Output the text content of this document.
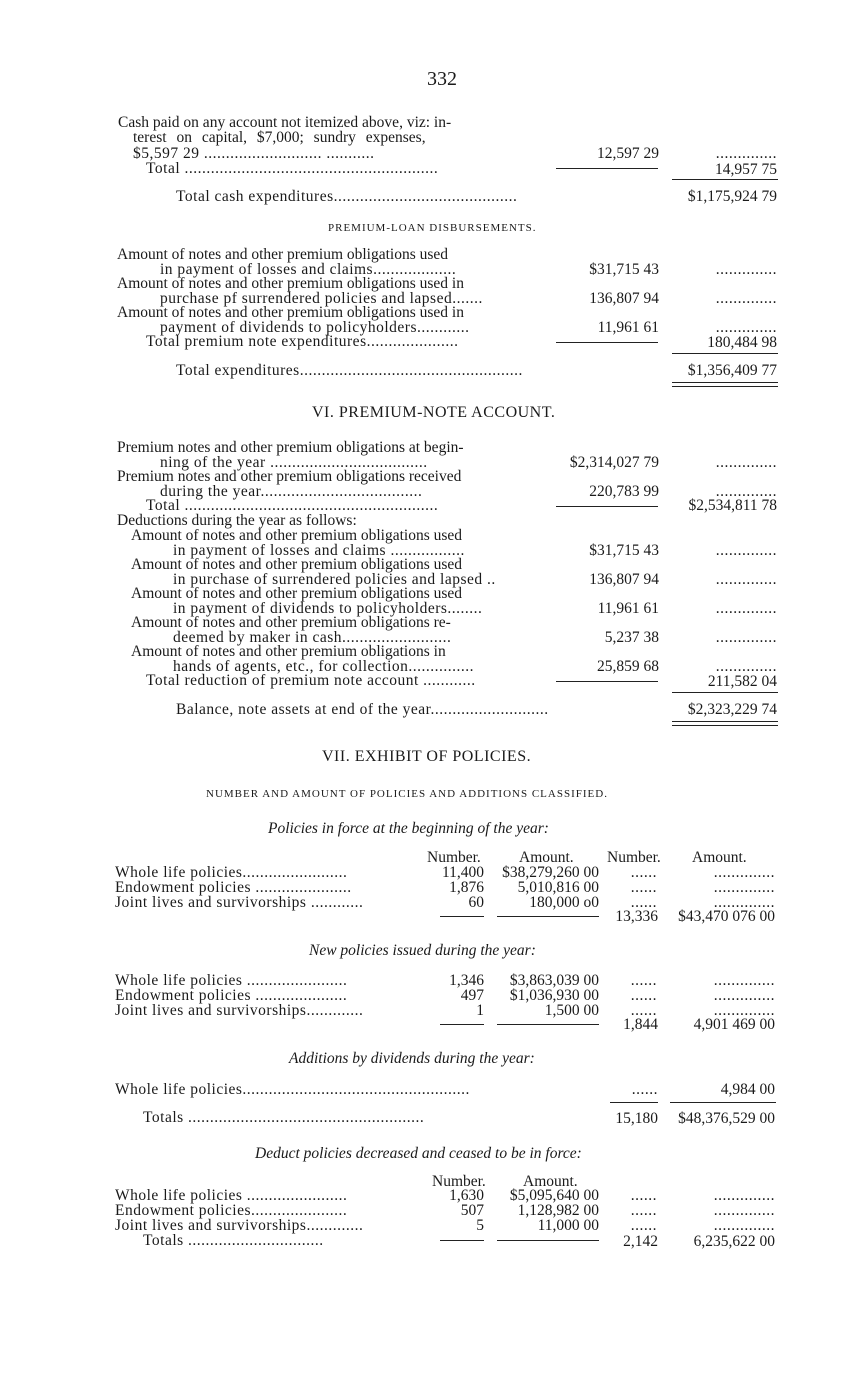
332
Cash paid on any account not itemized above, viz: in-
terest on capital, $7,000; sundry expenses,
$5,597 29 ........................... ...........	12,597 29	..............
Total ..........................................................	14,957 75
Total cash expenditures..........................................	$1,175,924 79
PREMIUM-LOAN DISBURSEMENTS.
Amount of notes and other premium obligations used
in payment of losses and claims...................	$31,715 43	..............
Amount of notes and other premium obligations used in
purchase pf surrendered policies and lapsed.......	136,807 94	..............
Amount of notes and other premium obligations used in
payment of dividends to policyholders............	11,961 61	..............
Total premium note expenditures.....................	180,484 98
Total expenditures...................................................	$1,356,409 77
VI. PREMIUM-NOTE ACCOUNT.
Premium notes and other premium obligations at begin-
ning of the year ....................................	$2,314,027 79	..............
Premium notes and other premium obligations received
during the year.....................................	220,783 99	..............
Total ..........................................................	$2,534,811 78
Deductions during the year as follows:
Amount of notes and other premium obligations used
in payment of losses and claims .................	$31,715 43	..............
Amount of notes and other premium obligations used
in purchase of surrendered policies and lapsed ..	136,807 94	..............
Amount of notes and other premium obligations used
in payment of dividends to policyholders........	11,961 61	..............
Amount of notes and other premium obligations re-
deemed by maker in cash.........................	5,237 38	..............
Amount of notes and other premium obligations in
hands of agents, etc., for collection...............	25,859 68	..............
Total reduction of premium note account ............	211,582 04
Balance, note assets at end of the year...........................	$2,323,229 74
VII. EXHIBIT OF POLICIES.
NUMBER AND AMOUNT OF POLICIES AND ADDITIONS CLASSIFIED.
Policies in force at the beginning of the year:
Number. Amount. Number. Amount.
Whole life policies........................	11,400 $38,279,260 00 ......	..............
Endowment policies ......................	1,876 5,010,816 00 ......	..............
Joint lives and survivorships ............	60	180,000 o0 ......	..............
13,336 $43,470 076 00
New policies issued during the year:
Whole life policies .......................	1,346 $3,863,039 00 ......	..............
Endowment policies .....................	497 $1,036,930 00 ......	..............
Joint lives and survivorships.............	1	1,500 00 ......	..............
1,844 4,901 469 00
Additions by dividends during the year:
Whole life policies....................................................	......	4,984 00
Totals ......................................................	15,180 $48,376,529 00
Deduct policies decreased and ceased to be in force:
Number. Amount.
Whole life policies .......................	1,630 $5,095,640 00 ......	..............
Endowment policies......................	507 1,128,982 00 ......	..............
Joint lives and survivorships.............	5	11,000 00 ......	..............
Totals ...............................	2,142 6,235,622 00
